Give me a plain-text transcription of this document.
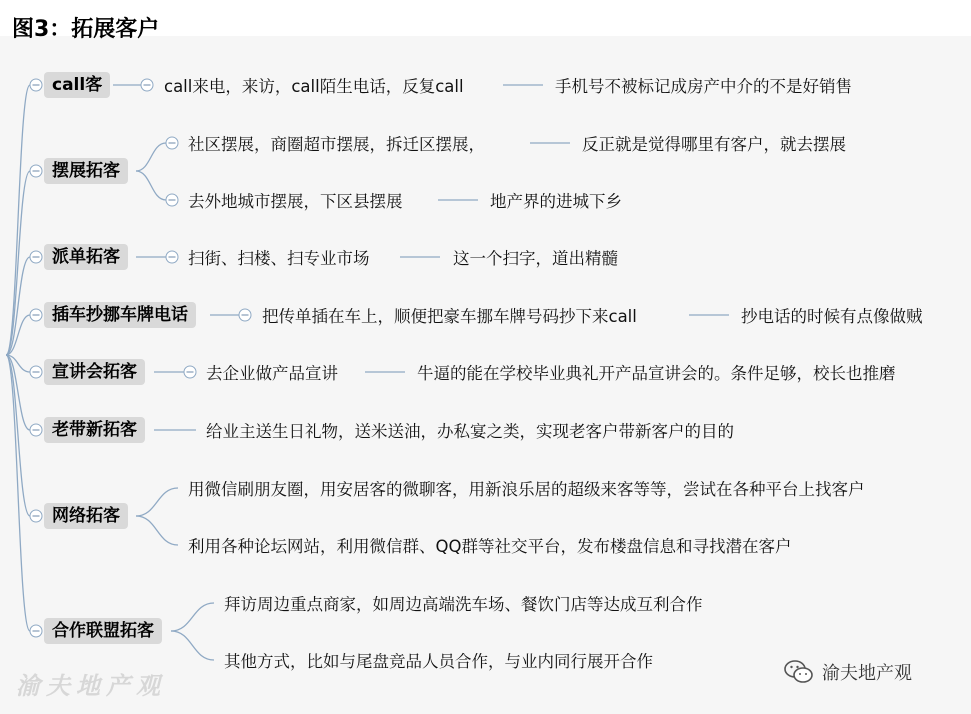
图3：拓展客户
call客
摆展拓客
派单拓客
插车抄挪车牌电话
宣讲会拓客
老带新拓客
网络拓客
合作联盟拓客
call来电，来访，call陌生电话，反复call	手机号不被标记成房产中介的不是好销售
社区摆展，商圈超市摆展，拆迁区摆展，	反正就是觉得哪里有客户，就去摆展
去外地城市摆展，下区县摆展	地产界的进城下乡
扫街、扫楼、扫专业市场	这一个扫字，道出精髓
把传单插在车上，顺便把豪车挪车牌号码抄下来call	抄电话的时候有点像做贼
去企业做产品宣讲	牛逼的能在学校毕业典礼开产品宣讲会的。条件足够，校长也推磨
给业主送生日礼物，送米送油，办私宴之类，实现老客户带新客户的目的
用微信刷朋友圈，用安居客的微聊客，用新浪乐居的超级来客等等，尝试在各种平台上找客户
利用各种论坛网站，利用微信群、QQ群等社交平台，发布楼盘信息和寻找潜在客户
拜访周边重点商家，如周边高端洗车场、餐饮门店等达成互利合作
其他方式，比如与尾盘竞品人员合作，与业内同行展开合作
渝夫地产观	渝夫地产观
